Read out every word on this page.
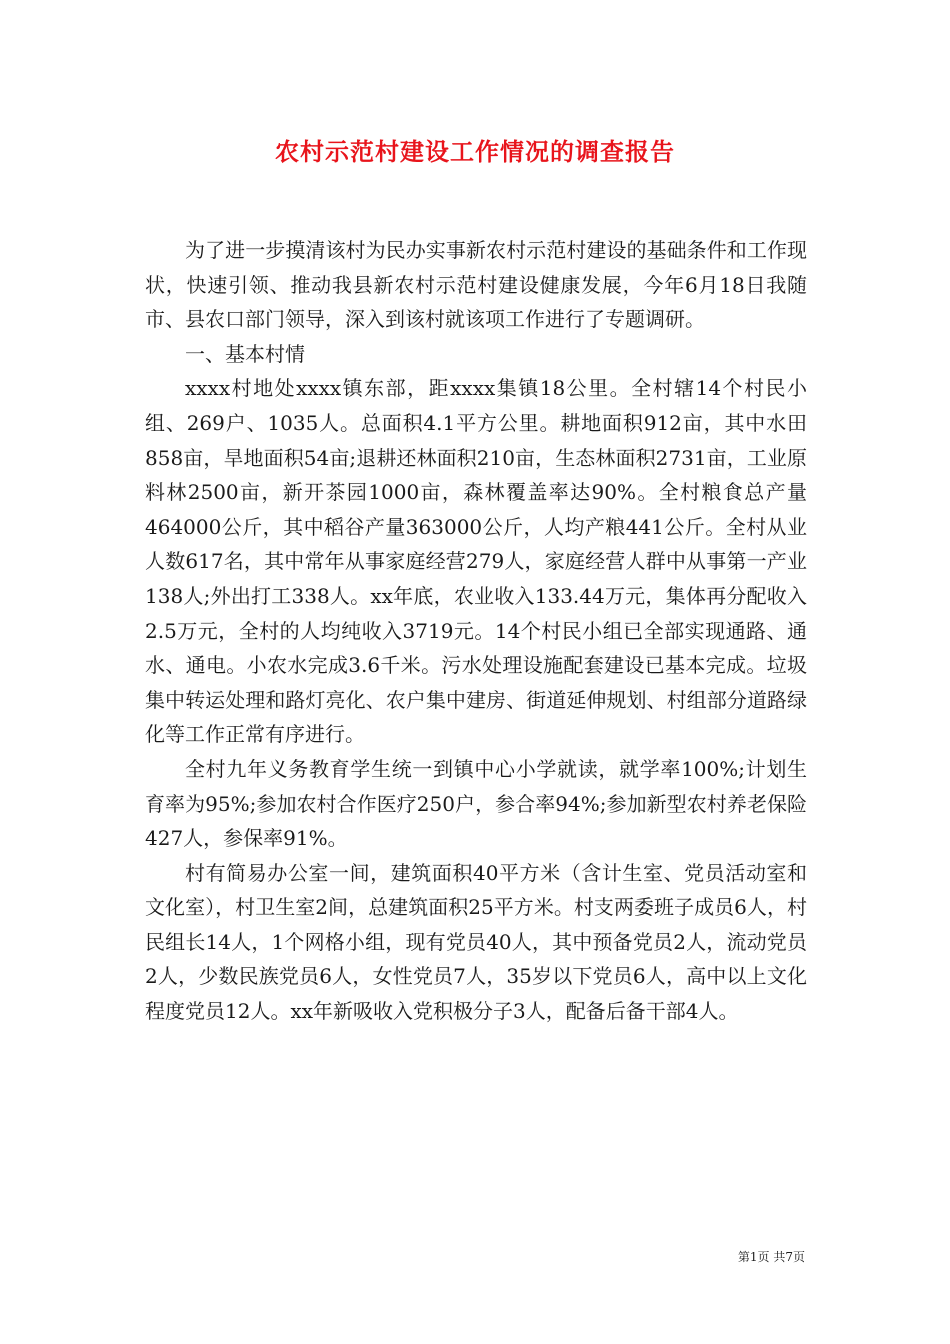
农村示范村建设工作情况的调查报告

为了进一步摸清该村为民办实事新农村示范村建设的基础条件和工作现状，快速引领、推动我县新农村示范村建设健康发展，今年6月18日我随市、县农口部门领导，深入到该村就该项工作进行了专题调研。

一、基本村情

xxxx村地处xxxx镇东部，距xxxx集镇18公里。全村辖14个村民小组、269户、1035人。总面积4.1平方公里。耕地面积912亩，其中水田858亩，旱地面积54亩;退耕还林面积210亩，生态林面积2731亩，工业原料林2500亩，新开茶园1000亩，森林覆盖率达90%。全村粮食总产量464000公斤，其中稻谷产量363000公斤，人均产粮441公斤。全村从业人数617名，其中常年从事家庭经营279人，家庭经营人群中从事第一产业138人;外出打工338人。xx年底，农业收入133.44万元，集体再分配收入2.5万元，全村的人均纯收入3719元。14个村民小组已全部实现通路、通水、通电。小农水完成3.6千米。污水处理设施配套建设已基本完成。垃圾集中转运处理和路灯亮化、农户集中建房、街道延伸规划、村组部分道路绿化等工作正常有序进行。

全村九年义务教育学生统一到镇中心小学就读，就学率100%;计划生育率为95%;参加农村合作医疗250户，参合率94%;参加新型农村养老保险427人，参保率91%。

村有简易办公室一间，建筑面积40平方米（含计生室、党员活动室和文化室），村卫生室2间，总建筑面积25平方米。村支两委班子成员6人，村民组长14人，1个网格小组，现有党员40人，其中预备党员2人，流动党员2人，少数民族党员6人，女性党员7人，35岁以下党员6人，高中以上文化程度党员12人。xx年新吸收入党积极分子3人，配备后备干部4人。

第1页 共7页
